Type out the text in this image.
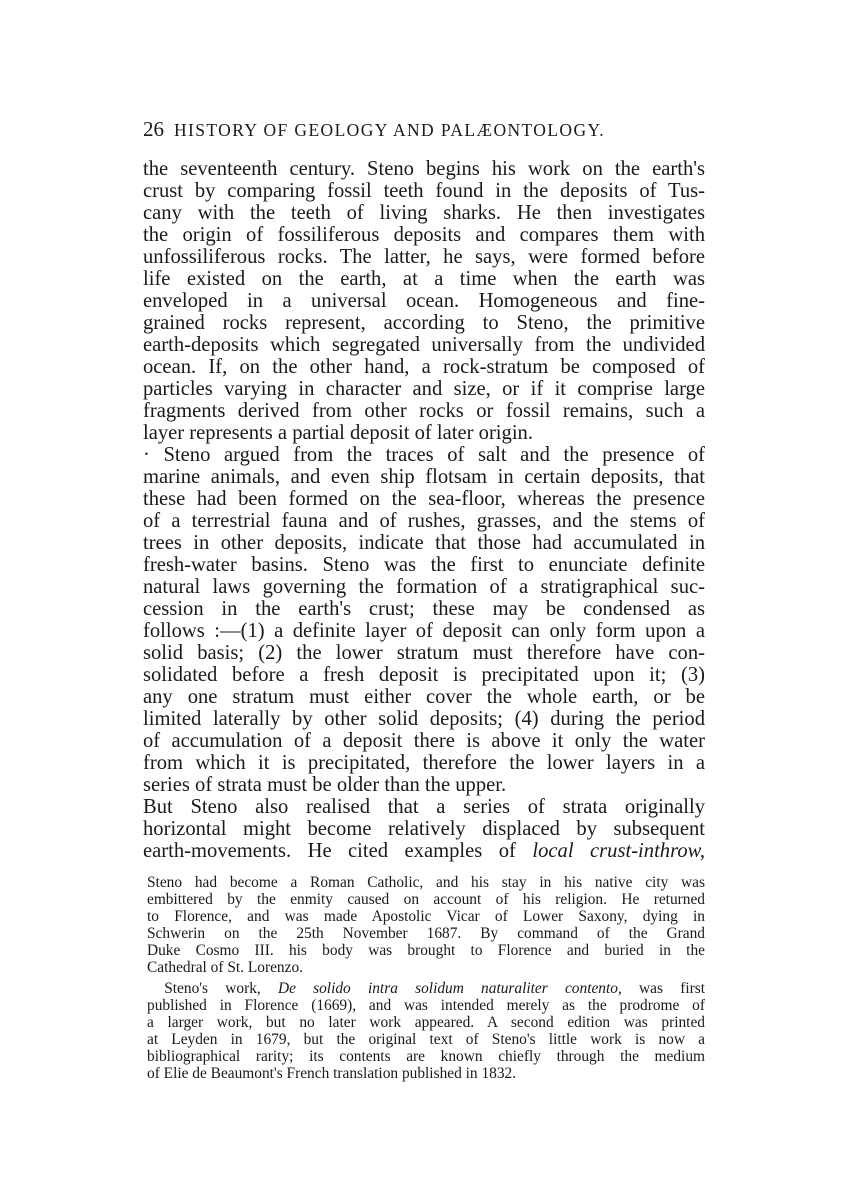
26 HISTORY OF GEOLOGY AND PALÆONTOLOGY.
the seventeenth century. Steno begins his work on the earth's
crust by comparing fossil teeth found in the deposits of Tus-
cany with the teeth of living sharks. He then investigates
the origin of fossiliferous deposits and compares them with
unfossiliferous rocks. The latter, he says, were formed before
life existed on the earth, at a time when the earth was
enveloped in a universal ocean. Homogeneous and fine-
grained rocks represent, according to Steno, the primitive
earth-deposits which segregated universally from the undivided
ocean. If, on the other hand, a rock-stratum be composed of
particles varying in character and size, or if it comprise large
fragments derived from other rocks or fossil remains, such a
layer represents a partial deposit of later origin.
· Steno argued from the traces of salt and the presence of
marine animals, and even ship flotsam in certain deposits, that
these had been formed on the sea-floor, whereas the presence
of a terrestrial fauna and of rushes, grasses, and the stems of
trees in other deposits, indicate that those had accumulated in
fresh-water basins. Steno was the first to enunciate definite
natural laws governing the formation of a stratigraphical suc-
cession in the earth's crust; these may be condensed as
follows :—(1) a definite layer of deposit can only form upon a
solid basis; (2) the lower stratum must therefore have con-
solidated before a fresh deposit is precipitated upon it; (3)
any one stratum must either cover the whole earth, or be
limited laterally by other solid deposits; (4) during the period
of accumulation of a deposit there is above it only the water
from which it is precipitated, therefore the lower layers in a
series of strata must be older than the upper.
But Steno also realised that a series of strata originally
horizontal might become relatively displaced by subsequent
earth-movements. He cited examples of local crust-inthrow,
Steno had become a Roman Catholic, and his stay in his native city was
embittered by the enmity caused on account of his religion. He returned
to Florence, and was made Apostolic Vicar of Lower Saxony, dying in
Schwerin on the 25th November 1687. By command of the Grand
Duke Cosmo III. his body was brought to Florence and buried in the
Cathedral of St. Lorenzo.
Steno's work, De solido intra solidum naturaliter contento, was first
published in Florence (1669), and was intended merely as the prodrome of
a larger work, but no later work appeared. A second edition was printed
at Leyden in 1679, but the original text of Steno's little work is now a
bibliographical rarity; its contents are known chiefly through the medium
of Elie de Beaumont's French translation published in 1832.
